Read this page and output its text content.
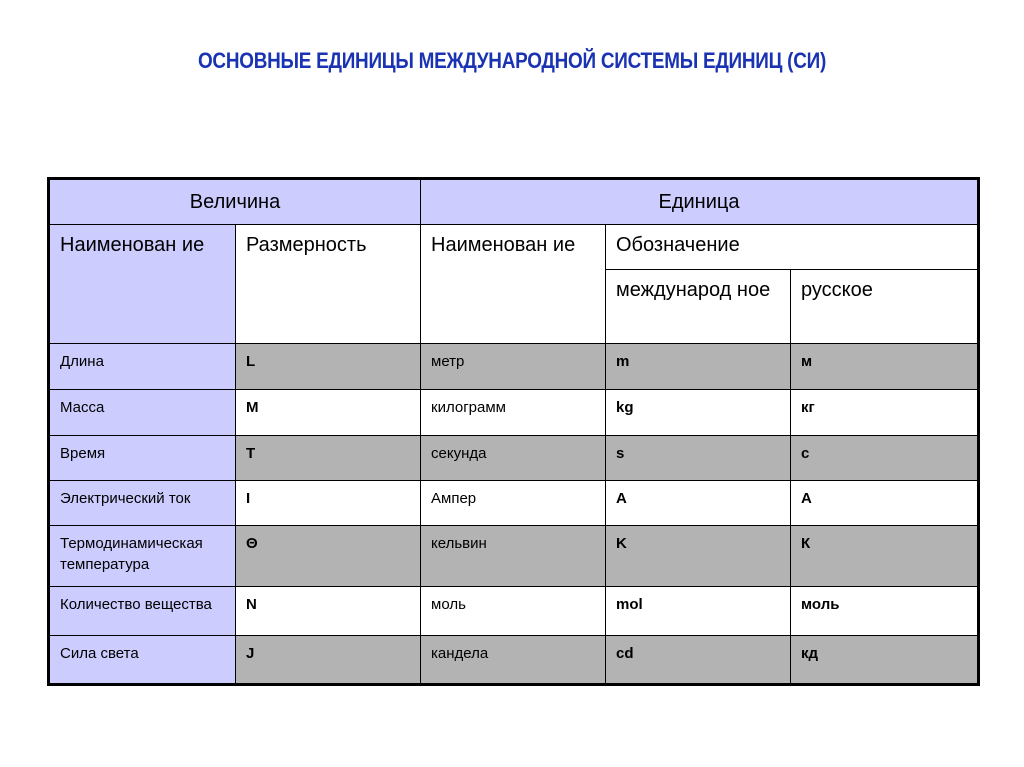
ОСНОВНЫЕ ЕДИНИЦЫ МЕЖДУНАРОДНОЙ СИСТЕМЫ ЕДИНИЦ (СИ)
Величина		Единица		
Наименован ие	Размерность	Наименован ие	Обозначение	
			международ ное	русское
Длина	L	метр	m	м
Масса	M	килограмм	kg	кг
Время	T	секунда	s	с
Электрический ток	I	Ампер	A	А
Термодинамическая температура	Θ	кельвин	K	К
Количество вещества	N	моль	mol	моль
Сила света	J	кандела	cd	кд
